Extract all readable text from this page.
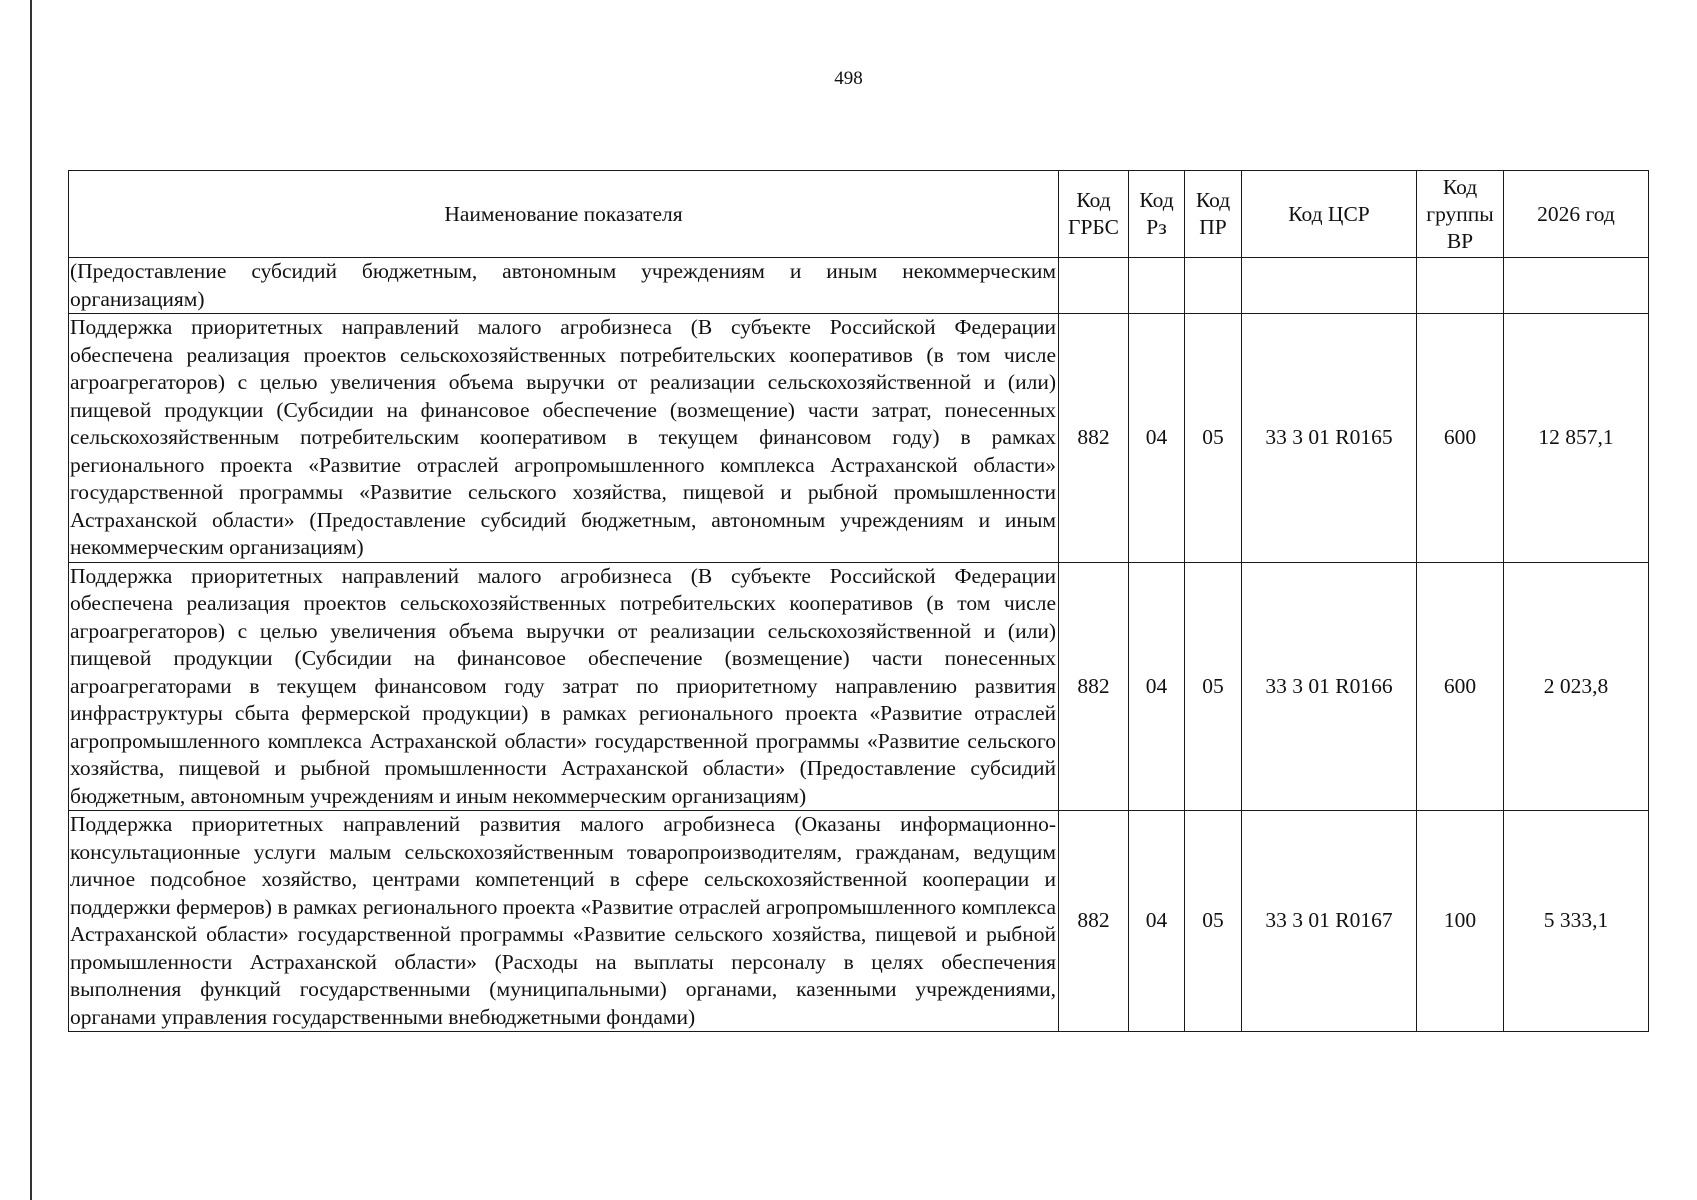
498
Наименование показателя	Код ГРБС	Код Рз	Код ПР	Код ЦСР	Код группы ВР	2026 год
(Предоставление субсидий бюджетным, автономным учреждениям и иным некоммерческим организациям)						
Поддержка приоритетных направлений малого агробизнеса (В субъекте Российской Федерации обеспечена реализация проектов сельскохозяйственных потребительских кооперативов (в том числе агроагрегаторов) с целью увеличения объема выручки от реализации сельскохозяйственной и (или) пищевой продукции (Субсидии на финансовое обеспечение (возмещение) части затрат, понесенных сельскохозяйственным потребительским кооперативом в текущем финансовом году) в рамках регионального проекта «Развитие отраслей агропромышленного комплекса Астраханской области» государственной программы «Развитие сельского хозяйства, пищевой и рыбной промышленности Астраханской области» (Предоставление субсидий бюджетным, автономным учреждениям и иным некоммерческим организациям)	882	04	05	33 3 01 R0165	600	12 857,1
Поддержка приоритетных направлений малого агробизнеса (В субъекте Российской Федерации обеспечена реализация проектов сельскохозяйственных потребительских кооперативов (в том числе агроагрегаторов) с целью увеличения объема выручки от реализации сельскохозяйственной и (или) пищевой продукции (Субсидии на финансовое обеспечение (возмещение) части понесенных агроагрегаторами в текущем финансовом году затрат по приоритетному направлению развития инфраструктуры сбыта фермерской продукции) в рамках регионального проекта «Развитие отраслей агропромышленного комплекса Астраханской области» государственной программы «Развитие сельского хозяйства, пищевой и рыбной промышленности Астраханской области» (Предоставление субсидий бюджетным, автономным учреждениям и иным некоммерческим организациям)	882	04	05	33 3 01 R0166	600	2 023,8
Поддержка приоритетных направлений развития малого агробизнеса (Оказаны информационно-консультационные услуги малым сельскохозяйственным товаропроизводителям, гражданам, ведущим личное подсобное хозяйство, центрами компетенций в сфере сельскохозяйственной кооперации и поддержки фермеров) в рамках регионального проекта «Развитие отраслей агропромышленного комплекса Астраханской области» государственной программы «Развитие сельского хозяйства, пищевой и рыбной промышленности Астраханской области» (Расходы на выплаты персоналу в целях обеспечения выполнения функций государственными (муниципальными) органами, казенными учреждениями, органами управления государственными внебюджетными фондами)	882	04	05	33 3 01 R0167	100	5 333,1
